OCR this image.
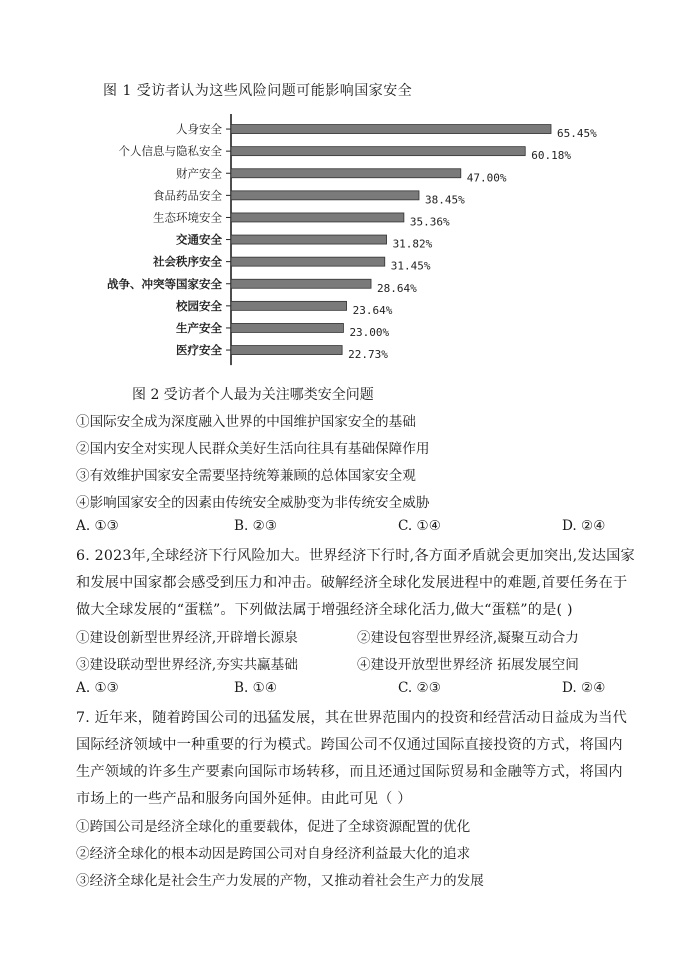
图 1 受访者认为这些风险问题可能影响国家安全
人身安全	65.45%
个人信息与隐私安全	60.18%
财产安全	47.00%
食品药品安全	38.45%
生态环境安全	35.36%
交通安全	31.82%
社会秩序安全	31.45%
战争、冲突等国家安全	28.64%
校园安全	23.64%
生产安全	23.00%
医疗安全	22.73%
图 2 受访者个人最为关注哪类安全问题
①国际安全成为深度融入世界的中国维护国家安全的基础
②国内安全对实现人民群众美好生活向往具有基础保障作用
③有效维护国家安全需要坚持统筹兼顾的总体国家安全观
④影响国家安全的因素由传统安全威胁变为非传统安全威胁
A. ①③	B. ②③	C. ①④	D. ②④
6. 2023年,全球经济下行风险加大。世界经济下行时,各方面矛盾就会更加突出,发达国家
和发展中国家都会感受到压力和冲击。破解经济全球化发展进程中的难题,首要任务在于
做大全球发展的“蛋糕”。下列做法属于增强经济全球化活力,做大“蛋糕”的是( )
①建设创新型世界经济,开辟增长源泉	②建设包容型世界经济,凝聚互动合力
③建设联动型世界经济,夯实共赢基础	④建设开放型世界经济 拓展发展空间
A. ①③	B. ①④	C. ②③	D. ②④
7. 近年来，随着跨国公司的迅猛发展，其在世界范围内的投资和经营活动日益成为当代
国际经济领域中一种重要的行为模式。跨国公司不仅通过国际直接投资的方式，将国内
生产领域的许多生产要素向国际市场转移，而且还通过国际贸易和金融等方式，将国内
市场上的一些产品和服务向国外延伸。由此可见（ ）
①跨国公司是经济全球化的重要载体，促进了全球资源配置的优化
②经济全球化的根本动因是跨国公司对自身经济利益最大化的追求
③经济全球化是社会生产力发展的产物，又推动着社会生产力的发展
